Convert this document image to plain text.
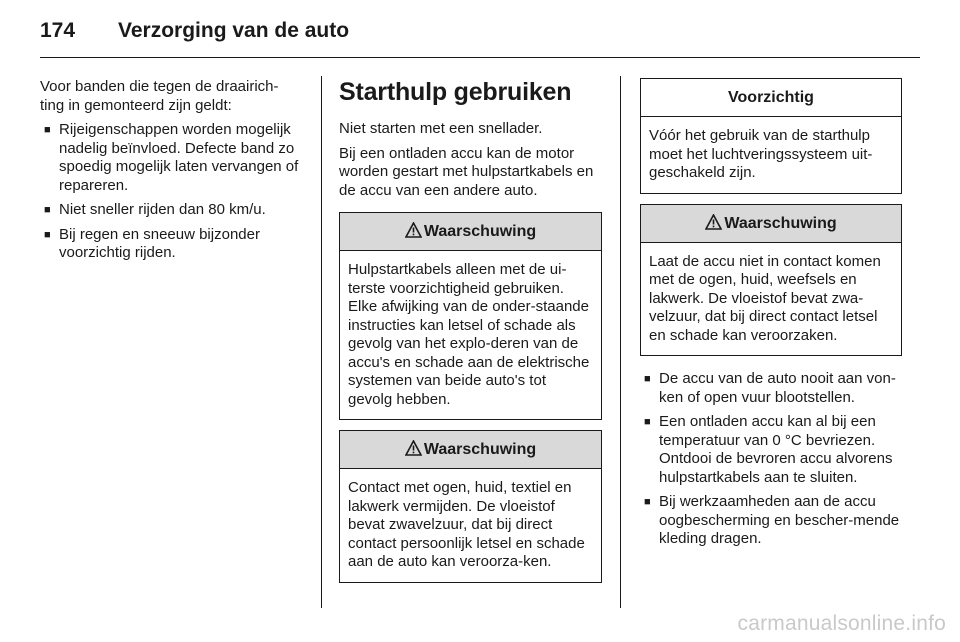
174 Verzorging van de auto

Voor banden die tegen de draairich-ting in gemonteerd zijn geldt:

■ Rijeigenschappen worden mogelijk nadelig beïnvloed. Defecte band zo spoedig mogelijk laten vervangen of repareren.
■ Niet sneller rijden dan 80 km/u.
■ Bij regen en sneeuw bijzonder voorzichtig rijden.
Starthulp gebruiken

Niet starten met een snellader.

Bij een ontladen accu kan de motor worden gestart met hulpstartkabels en de accu van een andere auto.

Waarschuwing
Hulpstartkabels alleen met de ui-terste voorzichtigheid gebruiken. Elke afwijking van de onder-staande instructies kan letsel of schade als gevolg van het explo-deren van de accu's en schade aan de elektrische systemen van beide auto's tot gevolg hebben.
Waarschuwing
Contact met ogen, huid, textiel en lakwerk vermijden. De vloeistof bevat zwavelzuur, dat bij direct contact persoonlijk letsel en schade aan de auto kan veroorza-ken.
Voorzichtig
Vóór het gebruik van de starthulp moet het luchtveringssysteem uit-geschakeld zijn.
Waarschuwing
Laat de accu niet in contact komen met de ogen, huid, weefsels en lakwerk. De vloeistof bevat zwa-velzuur, dat bij direct contact letsel en schade kan veroorzaken.
■ De accu van de auto nooit aan von-ken of open vuur blootstellen.
■ Een ontladen accu kan al bij een temperatuur van 0 °C bevriezen. Ontdooi de bevroren accu alvorens hulpstartkabels aan te sluiten.
■ Bij werkzaamheden aan de accu oogbescherming en bescher-mende kleding dragen.
carmanualsonline.info
